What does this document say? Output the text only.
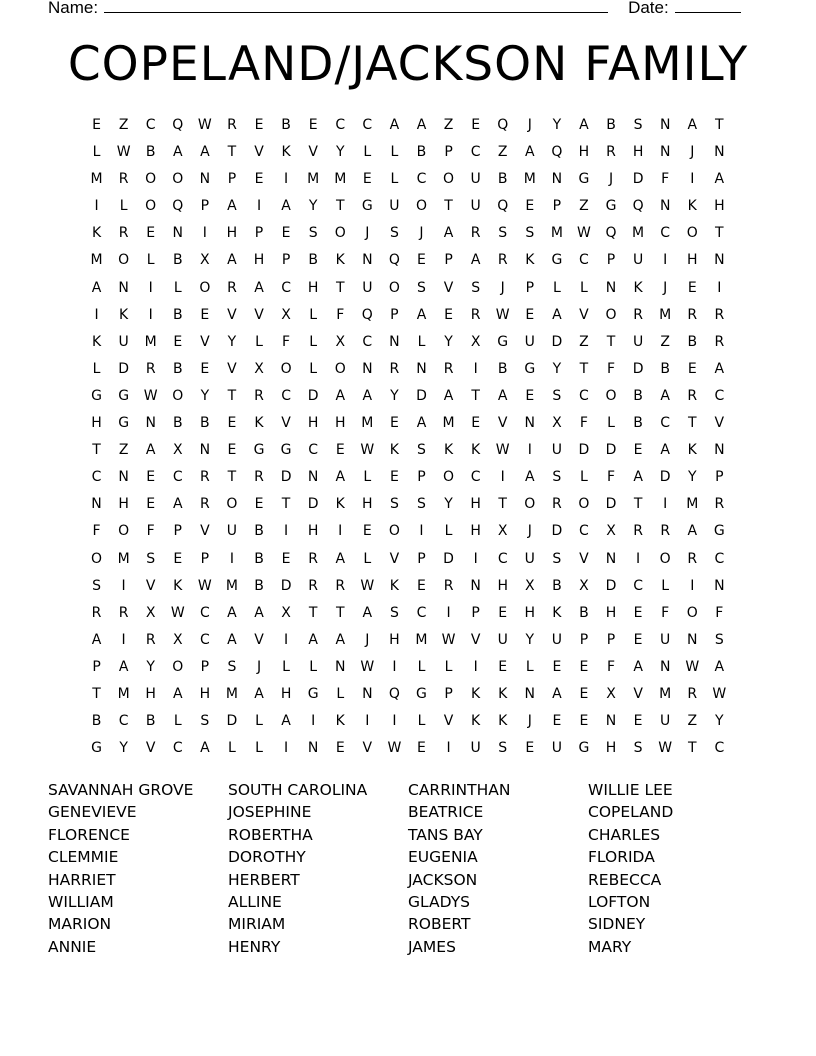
Name:	Date:
COPELAND/JACKSON FAMILY
E	Z	C	Q	W	R	E	B	E	C	C	A	A	Z	E	Q	J	Y	A	B	S	N	A	T
L	W	B	A	A	T	V	K	V	Y	L	L	B	P	C	Z	A	Q	H	R	H	N	J	N
M	R	O	O	N	P	E	I	M	M	E	L	C	O	U	B	M	N	G	J	D	F	I	A
I	L	O	Q	P	A	I	A	Y	T	G	U	O	T	U	Q	E	P	Z	G	Q	N	K	H
K	R	E	N	I	H	P	E	S	O	J	S	J	A	R	S	S	M	W	Q	M	C	O	T
M	O	L	B	X	A	H	P	B	K	N	Q	E	P	A	R	K	G	C	P	U	I	H	N
A	N	I	L	O	R	A	C	H	T	U	O	S	V	S	J	P	L	L	N	K	J	E	I
I	K	I	B	E	V	V	X	L	F	Q	P	A	E	R	W	E	A	V	O	R	M	R	R
K	U	M	E	V	Y	L	F	L	X	C	N	L	Y	X	G	U	D	Z	T	U	Z	B	R
L	D	R	B	E	V	X	O	L	O	N	R	N	R	I	B	G	Y	T	F	D	B	E	A
G	G	W	O	Y	T	R	C	D	A	A	Y	D	A	T	A	E	S	C	O	B	A	R	C
H	G	N	B	B	E	K	V	H	H	M	E	A	M	E	V	N	X	F	L	B	C	T	V
T	Z	A	X	N	E	G	G	C	E	W	K	S	K	K	W	I	U	D	D	E	A	K	N
C	N	E	C	R	T	R	D	N	A	L	E	P	O	C	I	A	S	L	F	A	D	Y	P
N	H	E	A	R	O	E	T	D	K	H	S	S	Y	H	T	O	R	O	D	T	I	M	R
F	O	F	P	V	U	B	I	H	I	E	O	I	L	H	X	J	D	C	X	R	R	A	G
O	M	S	E	P	I	B	E	R	A	L	V	P	D	I	C	U	S	V	N	I	O	R	C
S	I	V	K	W	M	B	D	R	R	W	K	E	R	N	H	X	B	X	D	C	L	I	N
R	R	X	W	C	A	A	X	T	T	A	S	C	I	P	E	H	K	B	H	E	F	O	F
A	I	R	X	C	A	V	I	A	A	J	H	M	W	V	U	Y	U	P	P	E	U	N	S
P	A	Y	O	P	S	J	L	L	N	W	I	L	L	I	E	L	E	E	F	A	N	W	A
T	M	H	A	H	M	A	H	G	L	N	Q	G	P	K	K	N	A	E	X	V	M	R	W
B	C	B	L	S	D	L	A	I	K	I	I	L	V	K	K	J	E	E	N	E	U	Z	Y
G	Y	V	C	A	L	L	I	N	E	V	W	E	I	U	S	E	U	G	H	S	W	T	C
SAVANNAH GROVE
GENEVIEVE
FLORENCE
CLEMMIE
HARRIET
WILLIAM
MARION
ANNIE
SOUTH CAROLINA
JOSEPHINE
ROBERTHA
DOROTHY
HERBERT
ALLINE
MIRIAM
HENRY
CARRINTHAN
BEATRICE
TANS BAY
EUGENIA
JACKSON
GLADYS
ROBERT
JAMES
WILLIE LEE
COPELAND
CHARLES
FLORIDA
REBECCA
LOFTON
SIDNEY
MARY
